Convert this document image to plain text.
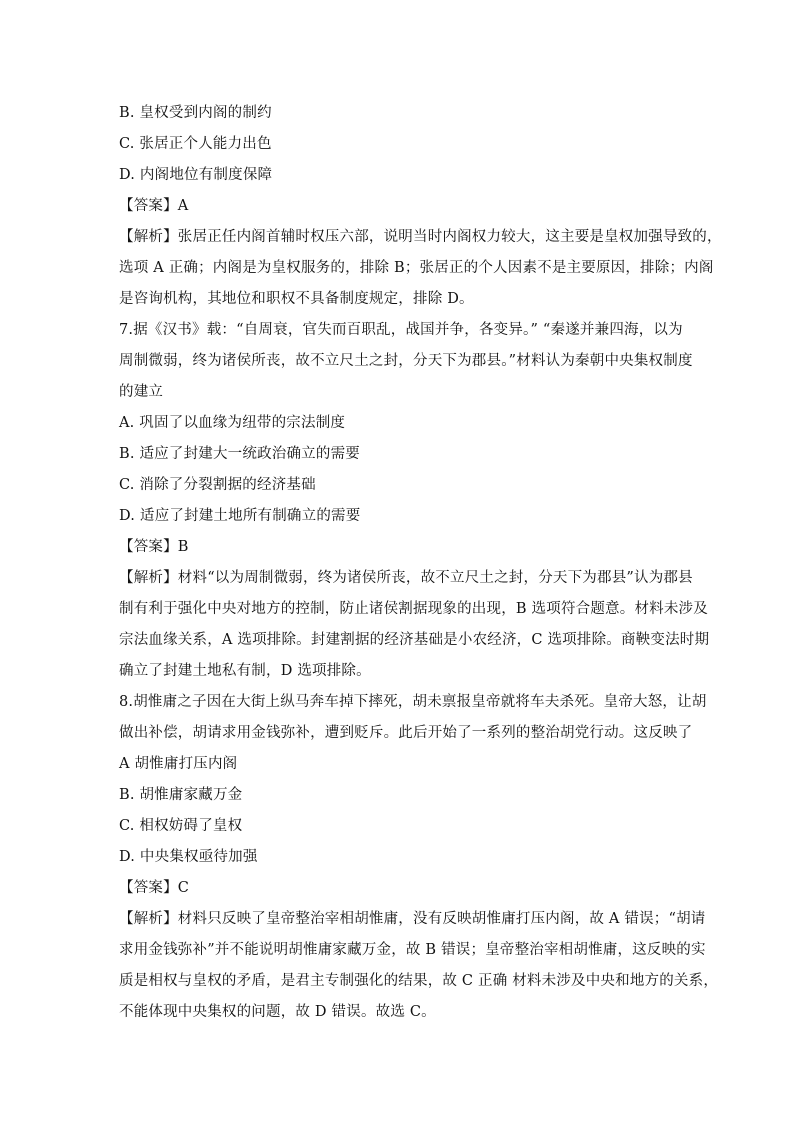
B. 皇权受到内阁的制约
C. 张居正个人能力出色
D. 内阁地位有制度保障
【答案】A
【解析】张居正任内阁首辅时权压六部，说明当时内阁权力较大，这主要是皇权加强导致的，
选项 A 正确；内阁是为皇权服务的，排除 B；张居正的个人因素不是主要原因，排除；内阁
是咨询机构，其地位和职权不具备制度规定，排除 D。
7.据《汉书》载：“自周衰，官失而百职乱，战国并争，各变异。” “秦遂并兼四海，以为
周制微弱，终为诸侯所丧，故不立尺土之封，分天下为郡县。”材料认为秦朝中央集权制度
的建立
A. 巩固了以血缘为纽带的宗法制度
B. 适应了封建大一统政治确立的需要
C. 消除了分裂割据的经济基础
D. 适应了封建土地所有制确立的需要
【答案】B
【解析】材料“以为周制微弱，终为诸侯所丧，故不立尺土之封，分天下为郡县”认为郡县
制有利于强化中央对地方的控制，防止诸侯割据现象的出现，B 选项符合题意。材料未涉及
宗法血缘关系，A 选项排除。封建割据的经济基础是小农经济，C 选项排除。商鞅变法时期
确立了封建土地私有制，D 选项排除。
8.胡惟庸之子因在大街上纵马奔车掉下摔死，胡未禀报皇帝就将车夫杀死。皇帝大怒，让胡
做出补偿，胡请求用金钱弥补，遭到贬斥。此后开始了一系列的整治胡党行动。这反映了
A 胡惟庸打压内阁
B. 胡惟庸家藏万金
C. 相权妨碍了皇权
D. 中央集权亟待加强
【答案】C
【解析】材料只反映了皇帝整治宰相胡惟庸，没有反映胡惟庸打压内阁，故 A 错误；“胡请
求用金钱弥补”并不能说明胡惟庸家藏万金，故 B 错误；皇帝整治宰相胡惟庸，这反映的实
质是相权与皇权的矛盾，是君主专制强化的结果，故 C 正确 材料未涉及中央和地方的关系，
不能体现中央集权的问题，故 D 错误。故选 C。
